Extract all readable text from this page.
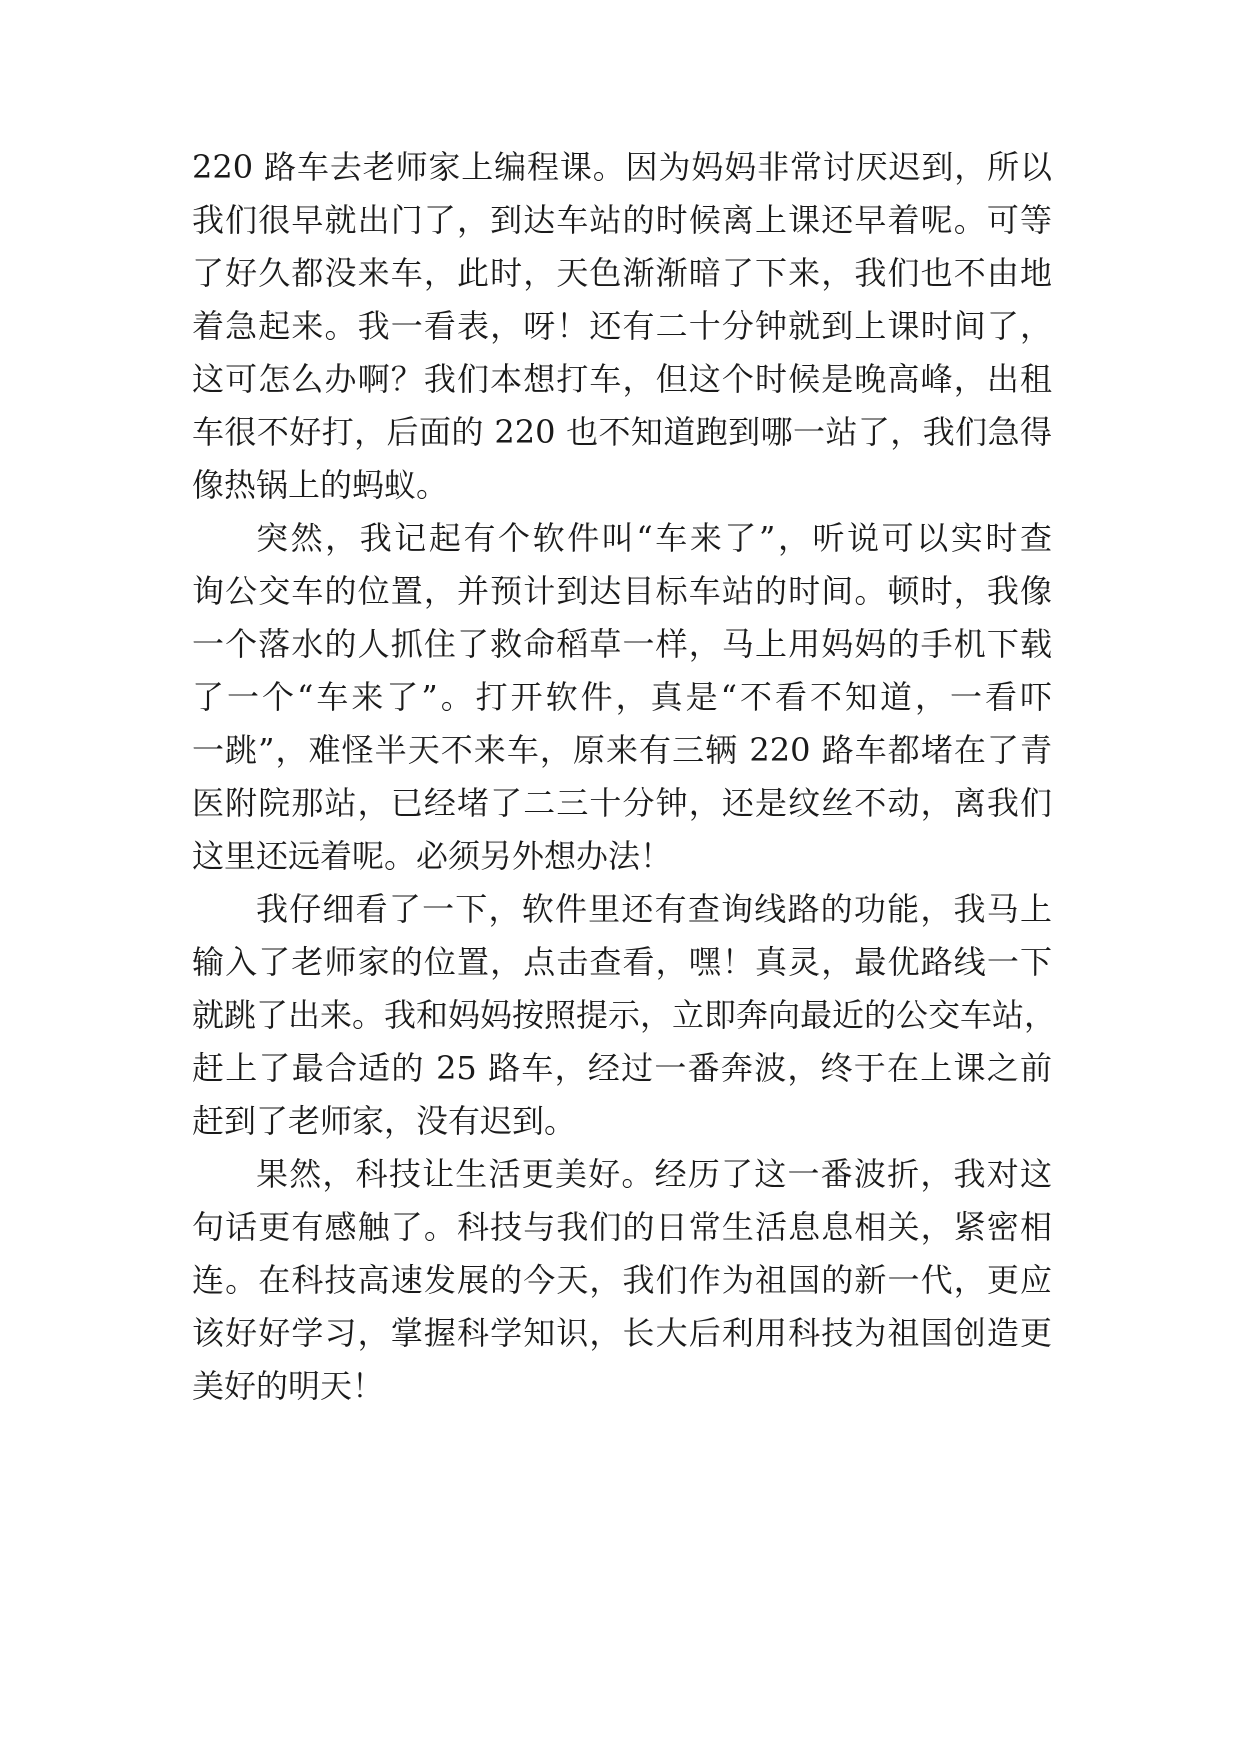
220 路车去老师家上编程课。因为妈妈非常讨厌迟到，所以

我们很早就出门了，到达车站的时候离上课还早着呢。可等

了好久都没来车，此时，天色渐渐暗了下来，我们也不由地

着急起来。我一看表，呀！还有二十分钟就到上课时间了，

这可怎么办啊？我们本想打车，但这个时候是晚高峰，出租

车很不好打，后面的 220 也不知道跑到哪一站了，我们急得

像热锅上的蚂蚁。

突然，我记起有个软件叫“车来了”，听说可以实时查

询公交车的位置，并预计到达目标车站的时间。顿时，我像

一个落水的人抓住了救命稻草一样，马上用妈妈的手机下载

了一个“车来了”。打开软件，真是“不看不知道，一看吓

一跳”，难怪半天不来车，原来有三辆 220 路车都堵在了青

医附院那站，已经堵了二三十分钟，还是纹丝不动，离我们

这里还远着呢。必须另外想办法！

我仔细看了一下，软件里还有查询线路的功能，我马上

输入了老师家的位置，点击查看，嘿！真灵，最优路线一下

就跳了出来。我和妈妈按照提示，立即奔向最近的公交车站，

赶上了最合适的 25 路车，经过一番奔波，终于在上课之前

赶到了老师家，没有迟到。

果然，科技让生活更美好。经历了这一番波折，我对这

句话更有感触了。科技与我们的日常生活息息相关，紧密相

连。在科技高速发展的今天，我们作为祖国的新一代，更应

该好好学习，掌握科学知识，长大后利用科技为祖国创造更

美好的明天！
